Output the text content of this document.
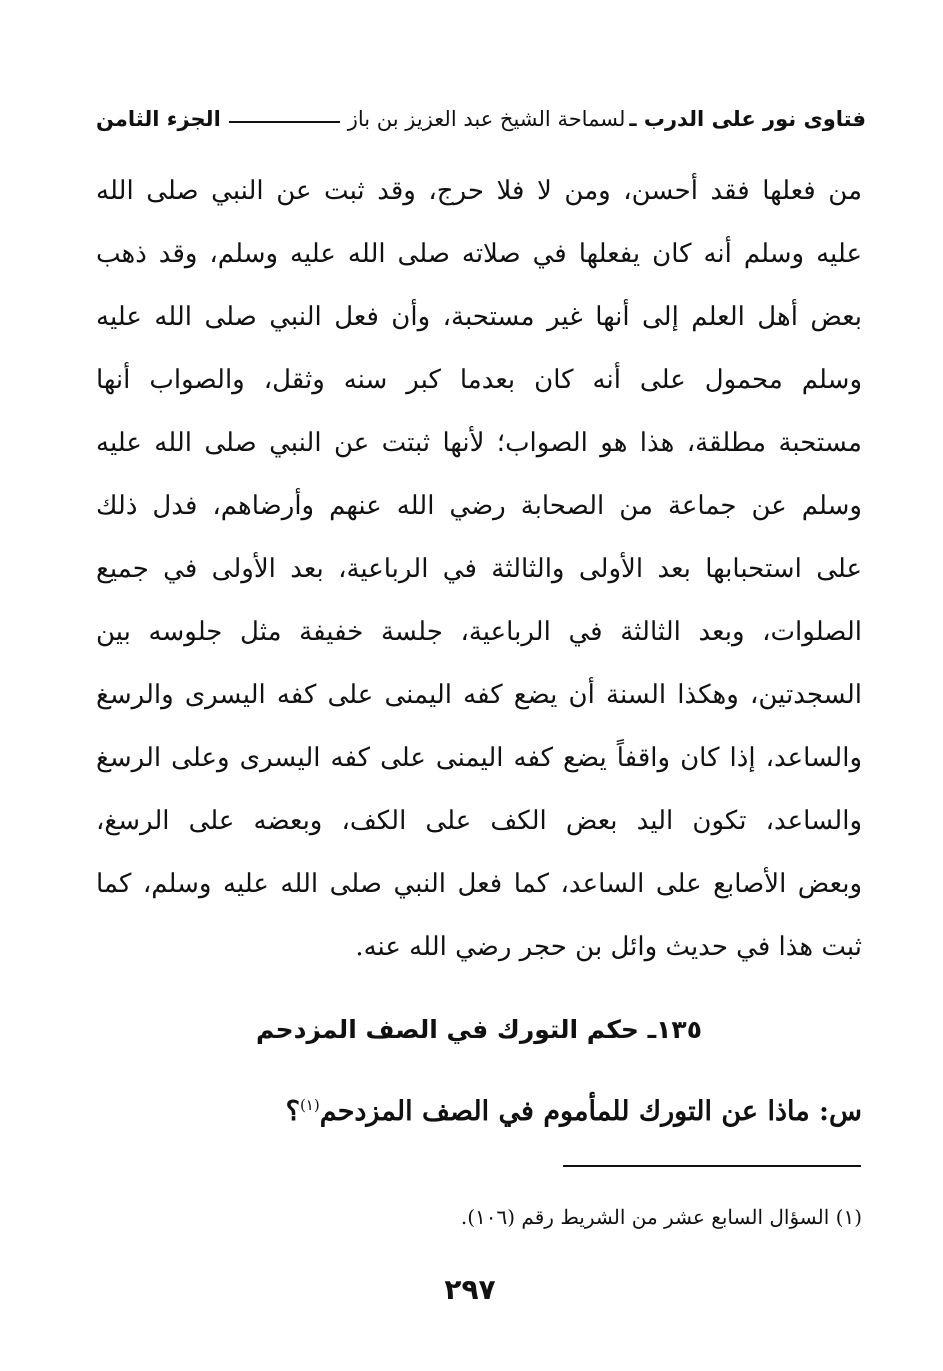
فتاوى نور على الدرب ـ
لسماحة الشيخ عبد العزيز بن باز
الجزء الثامن
من فعلها فقد أحسن، ومن لا فلا حرج، وقد ثبت عن النبي صلى الله
عليه وسلم أنه كان يفعلها في صلاته صلى الله عليه وسلم، وقد ذهب
بعض أهل العلم إلى أنها غير مستحبة، وأن فعل النبي صلى الله عليه
وسلم محمول على أنه كان بعدما كبر سنه وثقل، والصواب أنها
مستحبة مطلقة، هذا هو الصواب؛ لأنها ثبتت عن النبي صلى الله عليه
وسلم عن جماعة من الصحابة رضي الله عنهم وأرضاهم، فدل ذلك
على استحبابها بعد الأولى والثالثة في الرباعية، بعد الأولى في جميع
الصلوات، وبعد الثالثة في الرباعية، جلسة خفيفة مثل جلوسه بين
السجدتين، وهكذا السنة أن يضع كفه اليمنى على كفه اليسرى والرسغ
والساعد، إذا كان واقفاً يضع كفه اليمنى على كفه اليسرى وعلى الرسغ
والساعد، تكون اليد بعض الكف على الكف، وبعضه على الرسغ،
وبعض الأصابع على الساعد، كما فعل النبي صلى الله عليه وسلم، كما
ثبت هذا في حديث وائل بن حجر رضي الله عنه.
١٣٥ـ حكم التورك في الصف المزدحم
س: ماذا عن التورك للمأموم في الصف المزدحم$^{(١)}$؟
(١) السؤال السابع عشر من الشريط رقم (١٠٦).
٢٩٧
